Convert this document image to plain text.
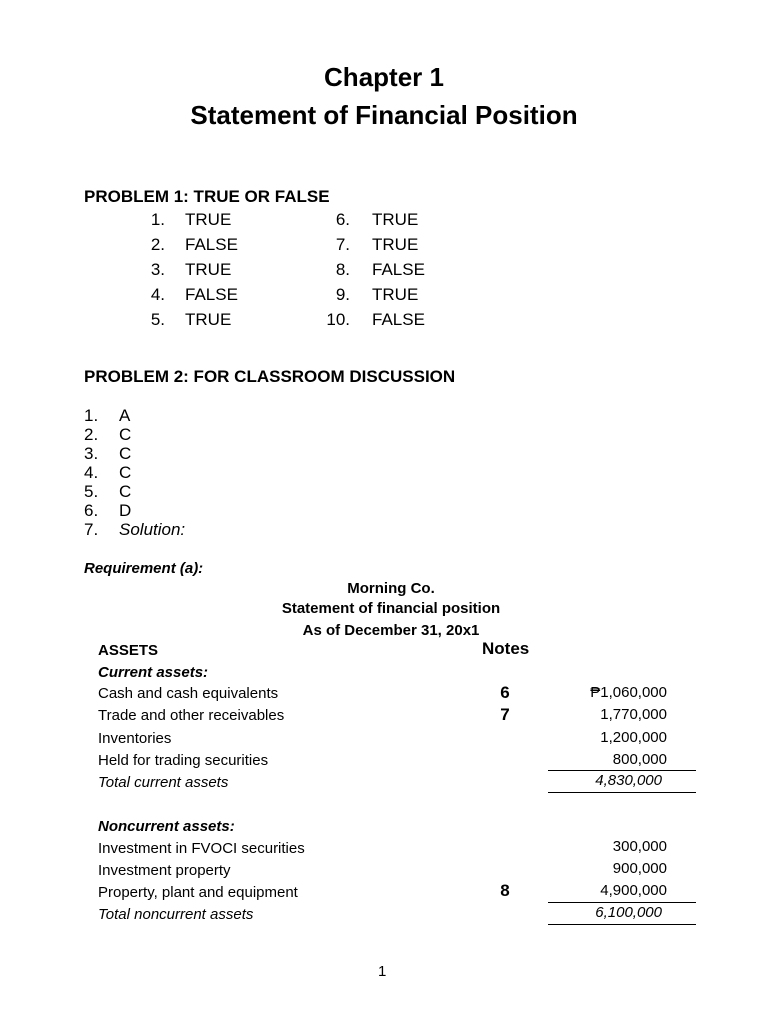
Chapter 1
Statement of Financial Position
PROBLEM 1: TRUE OR FALSE
1. TRUE
2. FALSE
3. TRUE
4. FALSE
5. TRUE
6. TRUE
7. TRUE
8. FALSE
9. TRUE
10. FALSE
PROBLEM 2: FOR CLASSROOM DISCUSSION
1. A
2. C
3. C
4. C
5. C
6. D
7. Solution:
Requirement (a):
Morning Co.
Statement of financial position
As of December 31, 20x1
ASSETS	Notes
Current assets:
Cash and cash equivalents	6	₱1,060,000
Trade and other receivables	7	1,770,000
Inventories	1,200,000
Held for trading securities	800,000
Total current assets	4,830,000
Noncurrent assets:
Investment in FVOCI securities	300,000
Investment property	900,000
Property, plant and equipment	8	4,900,000
Total noncurrent assets	6,100,000
1
